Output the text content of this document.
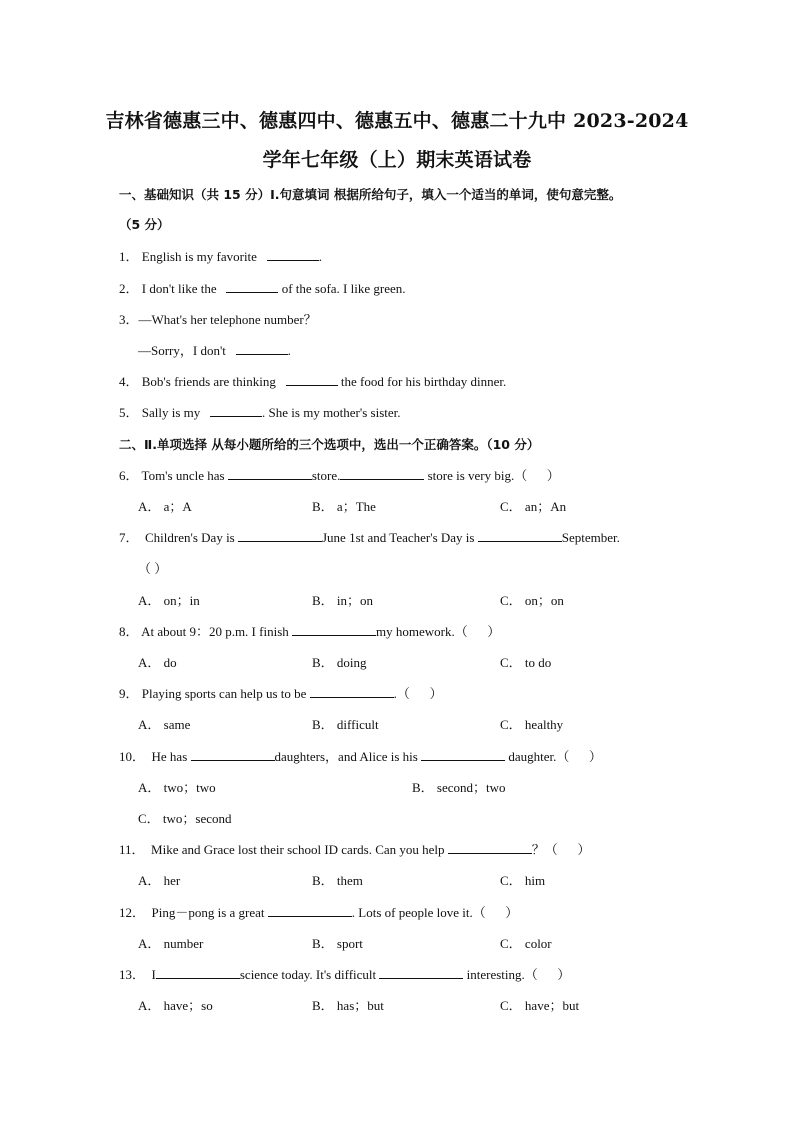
吉林省德惠三中、德惠四中、德惠五中、德惠二十九中 2023-2024
学年七年级（上）期末英语试卷
一、基础知识（共 15 分）Ⅰ.句意填词 根据所给句子，填入一个适当的单词，使句意完整。
（5 分）
1． English is my favorite	.
2． I don't like the	of the sofa. I like green.
3．—What's her telephone number？
—Sorry，I don't	.
4． Bob's friends are thinking	the food for his birthday dinner.
5． Sally is my	. She is my mother's sister.
二、Ⅱ.单项选择 从每小题所给的三个选项中，选出一个正确答案。（10 分）
6． Tom's uncle has	store.	store is very big.（ ）
A． a；A	B． a；The	C． an；An
7． Children's Day is	June 1st and Teacher's Day is	September.
（ ）
A． on；in	B． in；on	C． on；on
8． At about 9：20 p.m. I finish	my homework.（ ）
A． do	B． doing	C． to do
9． Playing sports can help us to be	.（ ）
A． same	B． difficult	C． healthy
10． He has	daughters，and Alice is his	daughter.（ ）
A． two；two	B． second；two
C． two；second
11． Mike and Grace lost their school ID cards. Can you help	？（ ）
A． her	B． them	C． him
12． Ping－pong is a great	. Lots of people love it.（ ）
A． number	B． sport	C． color
13． I	science today. It's difficult	interesting.（ ）
A． have；so	B． has；but	C． have；but
